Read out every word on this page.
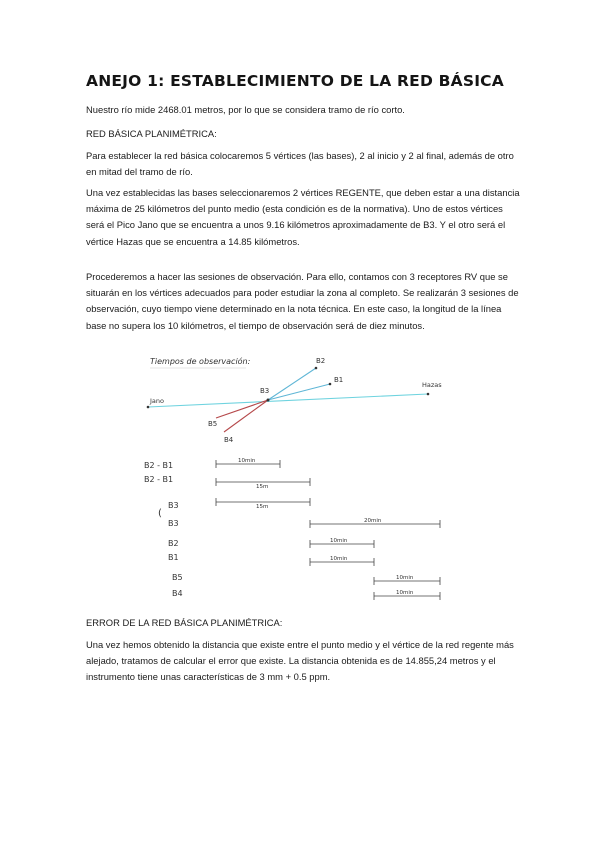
ANEJO 1: ESTABLECIMIENTO DE LA RED BÁSICA

Nuestro río mide 2468.01 metros, por lo que se considera tramo de río corto.

RED BÁSICA PLANIMÉTRICA:

Para establecer la red básica colocaremos 5 vértices (las bases), 2 al inicio y 2 al final, además de otro en mitad del tramo de río.

Una vez establecidas las bases seleccionaremos 2 vértices REGENTE, que deben estar a una distancia máxima de 25 kilómetros del punto medio (esta condición es de la normativa). Uno de estos vértices será el Pico Jano que se encuentra a unos 9.16 kilómetros aproximadamente de B3. Y el otro será el vértice Hazas que se encuentra a 14.85 kilómetros.

Procederemos a hacer las sesiones de observación. Para ello, contamos con 3 receptores RV que se situarán en los vértices adecuados para poder estudiar la zona al completo. Se realizarán 3 sesiones de observación, cuyo tiempo viene determinado en la nota técnica. En este caso, la longitud de la línea base no supera los 10 kilómetros, el tiempo de observación será de diez minutos.

Tiempos de observación:
B3
B2
B1
Jano
Hazas
B5
B4
B2 - B1
B2 - B1
B3
(
B3
B2
B1
B5
B4
10min
15m
15m
20min
10min
10min
10min
10min

ERROR DE LA RED BÁSICA PLANIMÉTRICA:

Una vez hemos obtenido la distancia que existe entre el punto medio y el vértice de la red regente más alejado, tratamos de calcular el error que existe. La distancia obtenida es de 14.855,24 metros y el instrumento tiene unas características de 3 mm + 0.5 ppm.
